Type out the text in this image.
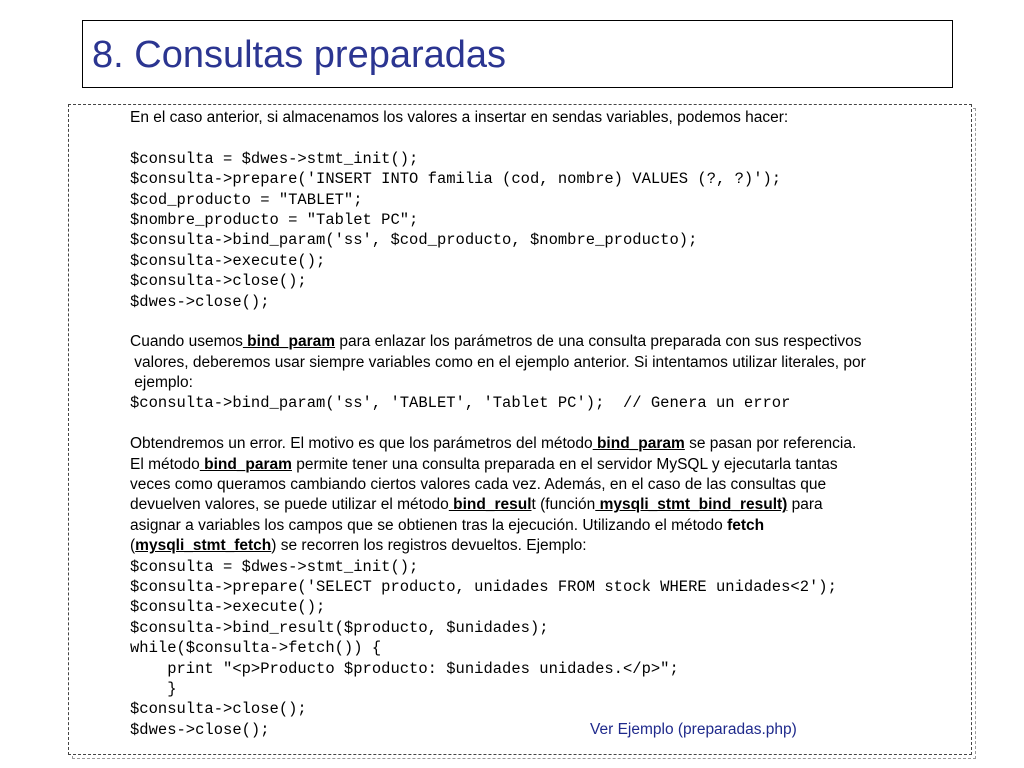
8. Consultas preparadas
En el caso anterior, si almacenamos los valores a insertar en sendas variables, podemos hacer:
$consulta = $dwes->stmt_init();
$consulta->prepare('INSERT INTO familia (cod, nombre) VALUES (?, ?)');
$cod_producto = "TABLET";
$nombre_producto = "Tablet PC";
$consulta->bind_param('ss', $cod_producto, $nombre_producto);
$consulta->execute();
$consulta->close();
$dwes->close();
Cuando usemos bind_param para enlazar los parámetros de una consulta preparada con sus respectivos
valores, deberemos usar siempre variables como en el ejemplo anterior. Si intentamos utilizar literales, por
ejemplo:
$consulta->bind_param('ss', 'TABLET', 'Tablet PC');  // Genera un error
Obtendremos un error. El motivo es que los parámetros del método bind_param se pasan por referencia.
El método bind_param permite tener una consulta preparada en el servidor MySQL y ejecutarla tantas
veces como queramos cambiando ciertos valores cada vez. Además, en el caso de las consultas que
devuelven valores, se puede utilizar el método bind_result (función mysqli_stmt_bind_result) para
asignar a variables los campos que se obtienen tras la ejecución. Utilizando el método fetch
(mysqli_stmt_fetch) se recorren los registros devueltos. Ejemplo:
$consulta = $dwes->stmt_init();
$consulta->prepare('SELECT producto, unidades FROM stock WHERE unidades<2');
$consulta->execute();
$consulta->bind_result($producto, $unidades);
while($consulta->fetch()) {
print "<p>Producto $producto: $unidades unidades.</p>";
}
$consulta->close();
$dwes->close();	Ver Ejemplo (preparadas.php)
